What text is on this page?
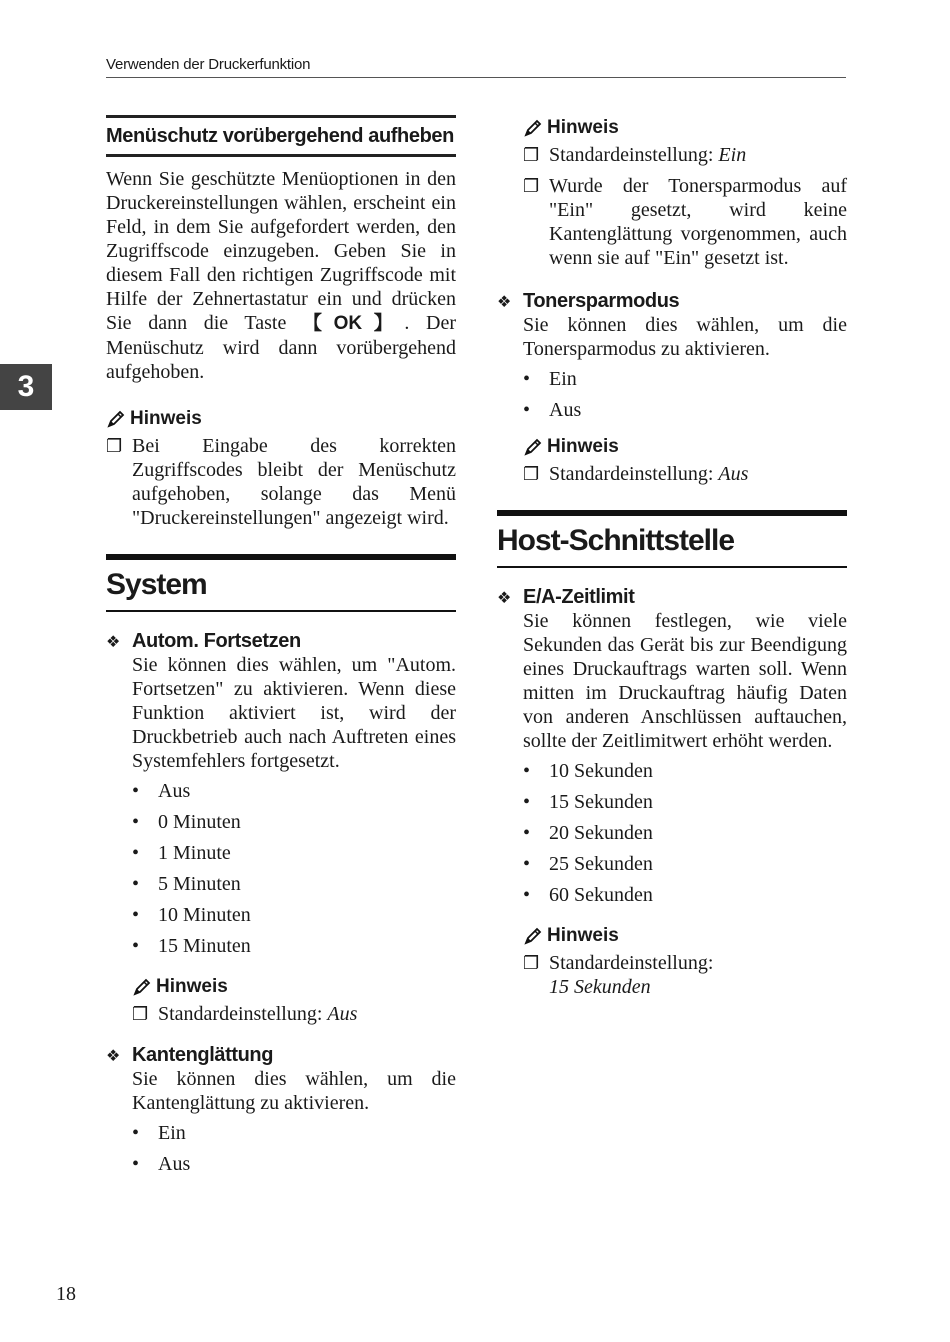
Verwenden der Druckerfunktion
3
Menüschutz vorübergehend aufheben

Wenn Sie geschützte Menüoptionen in den Druckereinstellungen wählen, erscheint ein Feld, in dem Sie aufgefordert werden, den Zugriffscode einzugeben. Geben Sie in diesem Fall den richtigen Zugriffscode mit Hilfe der Zehnertastatur ein und drücken Sie dann die Taste 【OK】. Der Menüschutz wird dann vorübergehend aufgehoben.

Hinweis
❐ Bei Eingabe des korrekten Zugriffscodes bleibt der Menüschutz aufgehoben, solange das Menü "Druckereinstellungen" angezeigt wird.
System
❖ Autom. Fortsetzen

Sie können dies wählen, um "Autom. Fortsetzen" zu aktivieren. Wenn diese Funktion aktiviert ist, wird der Druckbetrieb auch nach Auftreten eines Systemfehlers fortgesetzt.

• Aus
• 0 Minuten
• 1 Minute
• 5 Minuten
• 10 Minuten
• 15 Minuten
Hinweis
❐ Standardeinstellung: Aus
❖ Kantenglättung

Sie können dies wählen, um die Kantenglättung zu aktivieren.

• Ein
• Aus
Hinweis
❐ Standardeinstellung: Ein
❐ Wurde der Tonersparmodus auf "Ein" gesetzt, wird keine Kantenglättung vorgenommen, auch wenn sie auf "Ein" gesetzt ist.
❖ Tonersparmodus

Sie können dies wählen, um die Tonersparmodus zu aktivieren.

• Ein
• Aus
Hinweis
❐ Standardeinstellung: Aus
Host-Schnittstelle
❖ E/A-Zeitlimit

Sie können festlegen, wie viele Sekunden das Gerät bis zur Beendigung eines Druckauftrags warten soll. Wenn mitten im Druckauftrag häufig Daten von anderen Anschlüssen auftauchen, sollte der Zeitlimitwert erhöht werden.

• 10 Sekunden
• 15 Sekunden
• 20 Sekunden
• 25 Sekunden
• 60 Sekunden
Hinweis
❐ Standardeinstellung:
15 Sekunden
18
